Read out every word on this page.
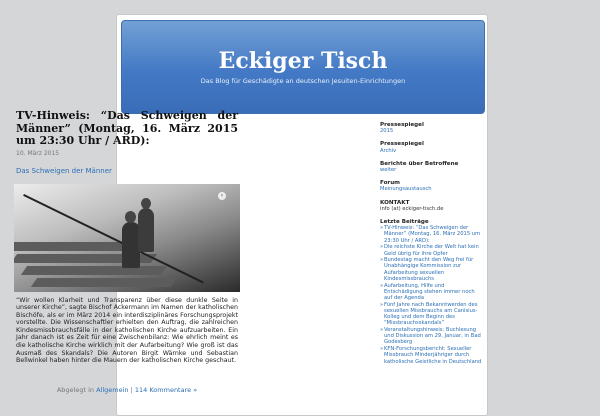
Eckiger Tisch
Das Blog für Geschädigte an deutschen Jesuiten-Einrichtungen
TV-Hinweis: “Das Schweigen der Männer” (Montag, 16. März 2015 um 23:30 Uhr / ARD):
10. März 2015
Das Schweigen der Männer
›
“Wir wollen Klarheit und Transparenz über diese dunkle Seite in unserer Kirche”, sagte Bischof Ackermann im Namen der katholischen Bischöfe, als er im März 2014 ein interdisziplinäres Forschungsprojekt vorstellte. Die Wissenschaftler erhielten den Auftrag, die zahlreichen Kindesmissbrauchsfälle in der katholischen Kirche aufzuarbeiten. Ein Jahr danach ist es Zeit für eine Zwischenbilanz: Wie ehrlich meint es die katholische Kirche wirklich mit der Aufarbeitung? Wie groß ist das Ausmaß des Skandals? Die Autoren Birgit Wärnke und Sebastian Bellwinkel haben hinter die Mauern der katholischen Kirche geschaut.
Abgelegt in Allgemein | 114 Kommentare »
Pressespiegel
2015
Pressespiegel
Archiv
Berichte über Betroffene
weiter
Forum
Meinungsaustausch
KONTAKT
info (at) eckiger-tisch.de
Letzte Beiträge
» TV-Hinweis: “Das Schweigen der Männer” (Montag, 16. März 2015 um 23:30 Uhr / ARD):
» Die reichste Kirche der Welt hat kein Geld übrig für ihre Opfer
» Bundestag macht den Weg frei für Unabhängige Kommission zur Aufarbeitung sexuellen Kindesmissbrauchs
» Aufarbeitung, Hilfe und Entschädigung stehen immer noch auf der Agenda
» Fünf Jahre nach Bekanntwerden des sexuellen Missbrauchs am Canisius-Kolleg und dem Beginn des “Missbrauchsskandals”
» Veranstaltungshinweis: Buchlesung und Diskussion am 29. Januar, in Bad Godesberg
» KFN-Forschungsbericht: Sexueller Missbrauch Minderjähriger durch katholische Geistliche in Deutschland
